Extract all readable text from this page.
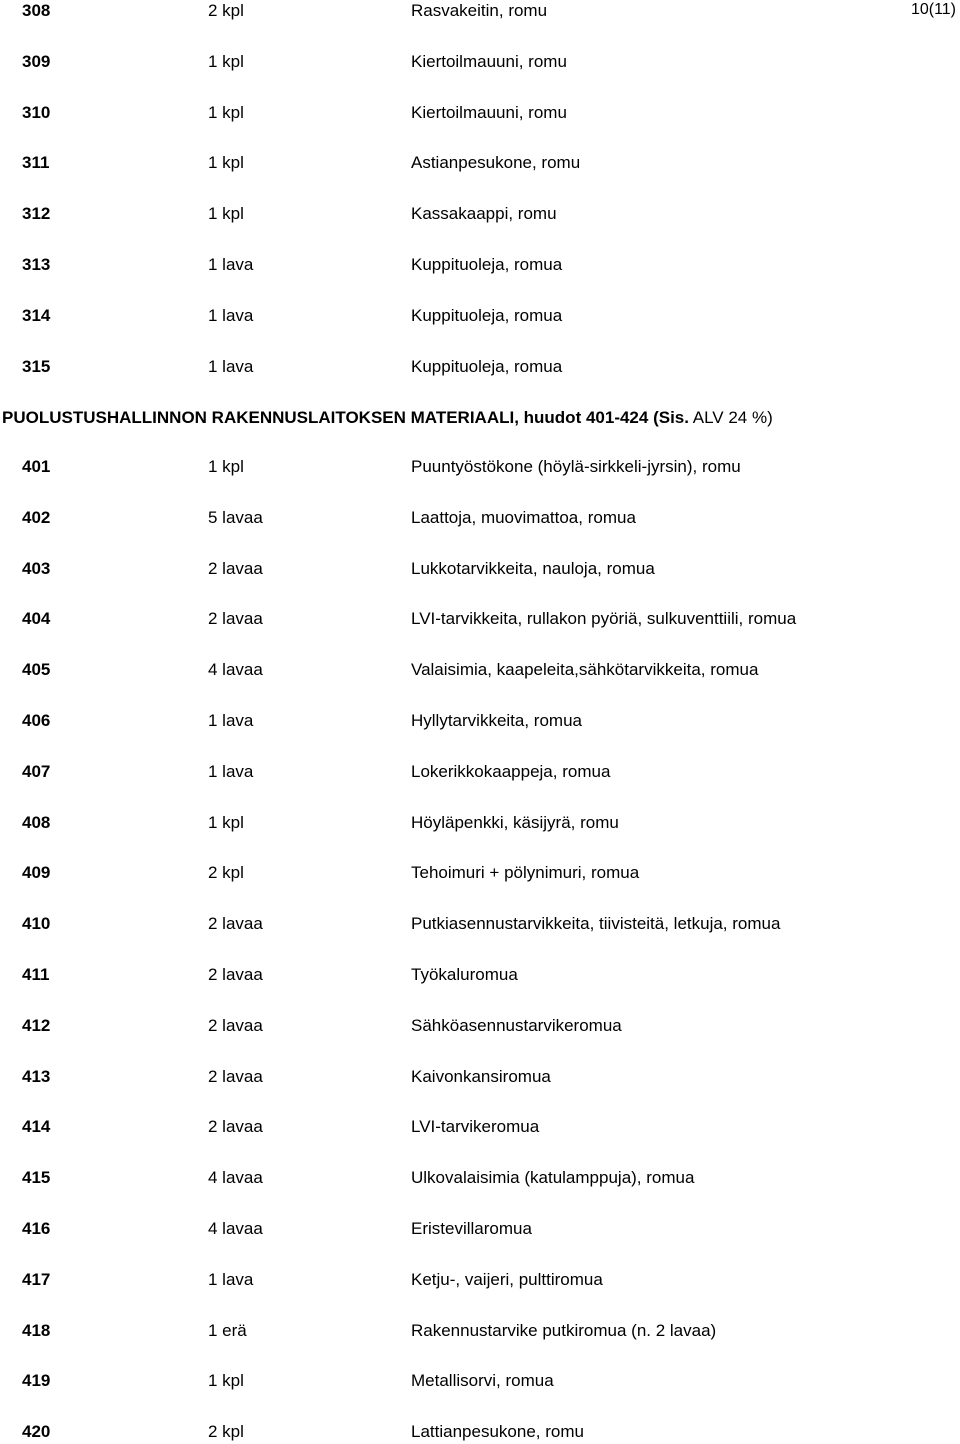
10(11)
308	2 kpl	Rasvakeitin, romu
309	1 kpl	Kiertoilmauuni, romu
310	1 kpl	Kiertoilmauuni, romu
311	1 kpl	Astianpesukone, romu
312	1 kpl	Kassakaappi, romu
313	1 lava	Kuppituoleja, romua
314	1 lava	Kuppituoleja, romua
315	1 lava	Kuppituoleja, romua
PUOLUSTUSHALLINNON RAKENNUSLAITOKSEN MATERIAALI, huudot 401-424 (Sis. ALV 24 %)
401	1 kpl	Puuntyöstökone (höylä-sirkkeli-jyrsin), romu
402	5 lavaa	Laattoja, muovimattoa, romua
403	2 lavaa	Lukkotarvikkeita, nauloja, romua
404	2 lavaa	LVI-tarvikkeita, rullakon pyöriä, sulkuventtiili, romua
405	4 lavaa	Valaisimia, kaapeleita,sähkötarvikkeita, romua
406	1 lava	Hyllytarvikkeita, romua
407	1 lava	Lokerikkokaappeja, romua
408	1 kpl	Höyläpenkki, käsijyrä, romu
409	2 kpl	Tehoimuri + pölynimuri, romua
410	2 lavaa	Putkiasennustarvikkeita, tiivisteitä, letkuja, romua
411	2 lavaa	Työkaluromua
412	2 lavaa	Sähköasennustarvikeromua
413	2 lavaa	Kaivonkansiromua
414	2 lavaa	LVI-tarvikeromua
415	4 lavaa	Ulkovalaisimia (katulamppuja), romua
416	4 lavaa	Eristevillaromua
417	1 lava	Ketju-, vaijeri, pulttiromua
418	1 erä	Rakennustarvike putkiromua (n. 2 lavaa)
419	1 kpl	Metallisorvi, romua
420	2 kpl	Lattianpesukone, romu
